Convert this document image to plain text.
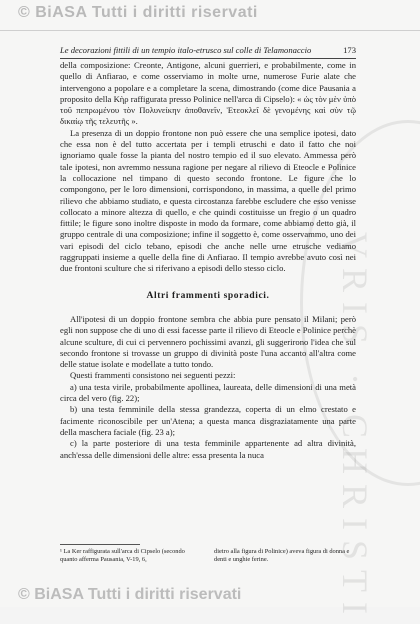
© BiASA Tutti i diritti riservati
VRIS · CHRISTI
Le decorazioni fittili di un tempio italo-etrusco sul colle di Telamonaccio	173

della composizione: Creonte, Antigone, alcuni guerrieri, e probabilmente, come in quello di Anfiarao, e come osserviamo in molte urne, numerose Furie alate che intervengono a popolare e a completare la scena, dimostrando (come dice Pausania a proposito della Kὴρ raffigurata presso Polinice nell'arca di Cipselo): « ὡς τὸν μὲν ὑπὸ τοῦ πεπρωμένου τὸν Πολυνείκην ἀποθανεῖν, Ἐτεοκλεῖ δὲ γενομένης καὶ σὺν τῷ δικαίῳ τῆς τελευτῆς ».

La presenza di un doppio frontone non può essere che una semplice ipotesi, dato che essa non è del tutto accertata per i templi etruschi e dato il fatto che noi ignoriamo quale fosse la pianta del nostro tempio ed il suo elevato. Ammessa però tale ipotesi, non avremmo nessuna ragione per negare al rilievo di Eteocle e Polinice la collocazione nel timpano di questo secondo frontone. Le figure che lo compongono, per le loro dimensioni, corrispondono, in massima, a quelle del primo rilievo che abbiamo studiato, e questa circostanza farebbe escludere che esso venisse collocato a minore altezza di quello, e che quindi costituisse un fregio o un quadro fittile; le figure sono inoltre disposte in modo da formare, come abbiamo detto già, il gruppo centrale di una composizione; infine il soggetto è, come osservammo, uno dei vari episodi del ciclo tebano, episodi che anche nelle urne etrusche vediamo raggruppati insieme a quelle della fine di Anfiarao. Il tempio avrebbe avuto così nei due frontoni sculture che si riferivano a episodi dello stesso ciclo.

Altri frammenti sporadici.

All'ipotesi di un doppio frontone sembra che abbia pure pensato il Milani; però egli non suppose che di uno di essi facesse parte il rilievo di Eteocle e Polinice perchè alcune sculture, di cui ci pervennero pochissimi avanzi, gli suggerirono l'idea che sul secondo frontone si trovasse un gruppo di divinità poste l'una accanto all'altra come delle statue isolate e modellate a tutto tondo.

Questi frammenti consistono nei seguenti pezzi:

a) una testa virile, probabilmente apollinea, laureata, delle dimensioni di una metà circa del vero (fig. 22);

b) una testa femminile della stessa grandezza, coperta di un elmo crestato e facimente riconoscibile per un'Atena; a questa manca disgraziatamente una parte della maschera faciale (fig. 23 a);

c) la parte posteriore di una testa femminile appartenente ad altra divinità, anch'essa delle dimensioni delle altre: essa presenta la nuca

¹ La Ker raffigurata sull'arca di Cipselo (secondo quanto afferma Pausania, V-19, 6,
dietro alla figura di Polinice) aveva figura di donna e denti e unghie ferine.
© BiASA Tutti i diritti riservati
